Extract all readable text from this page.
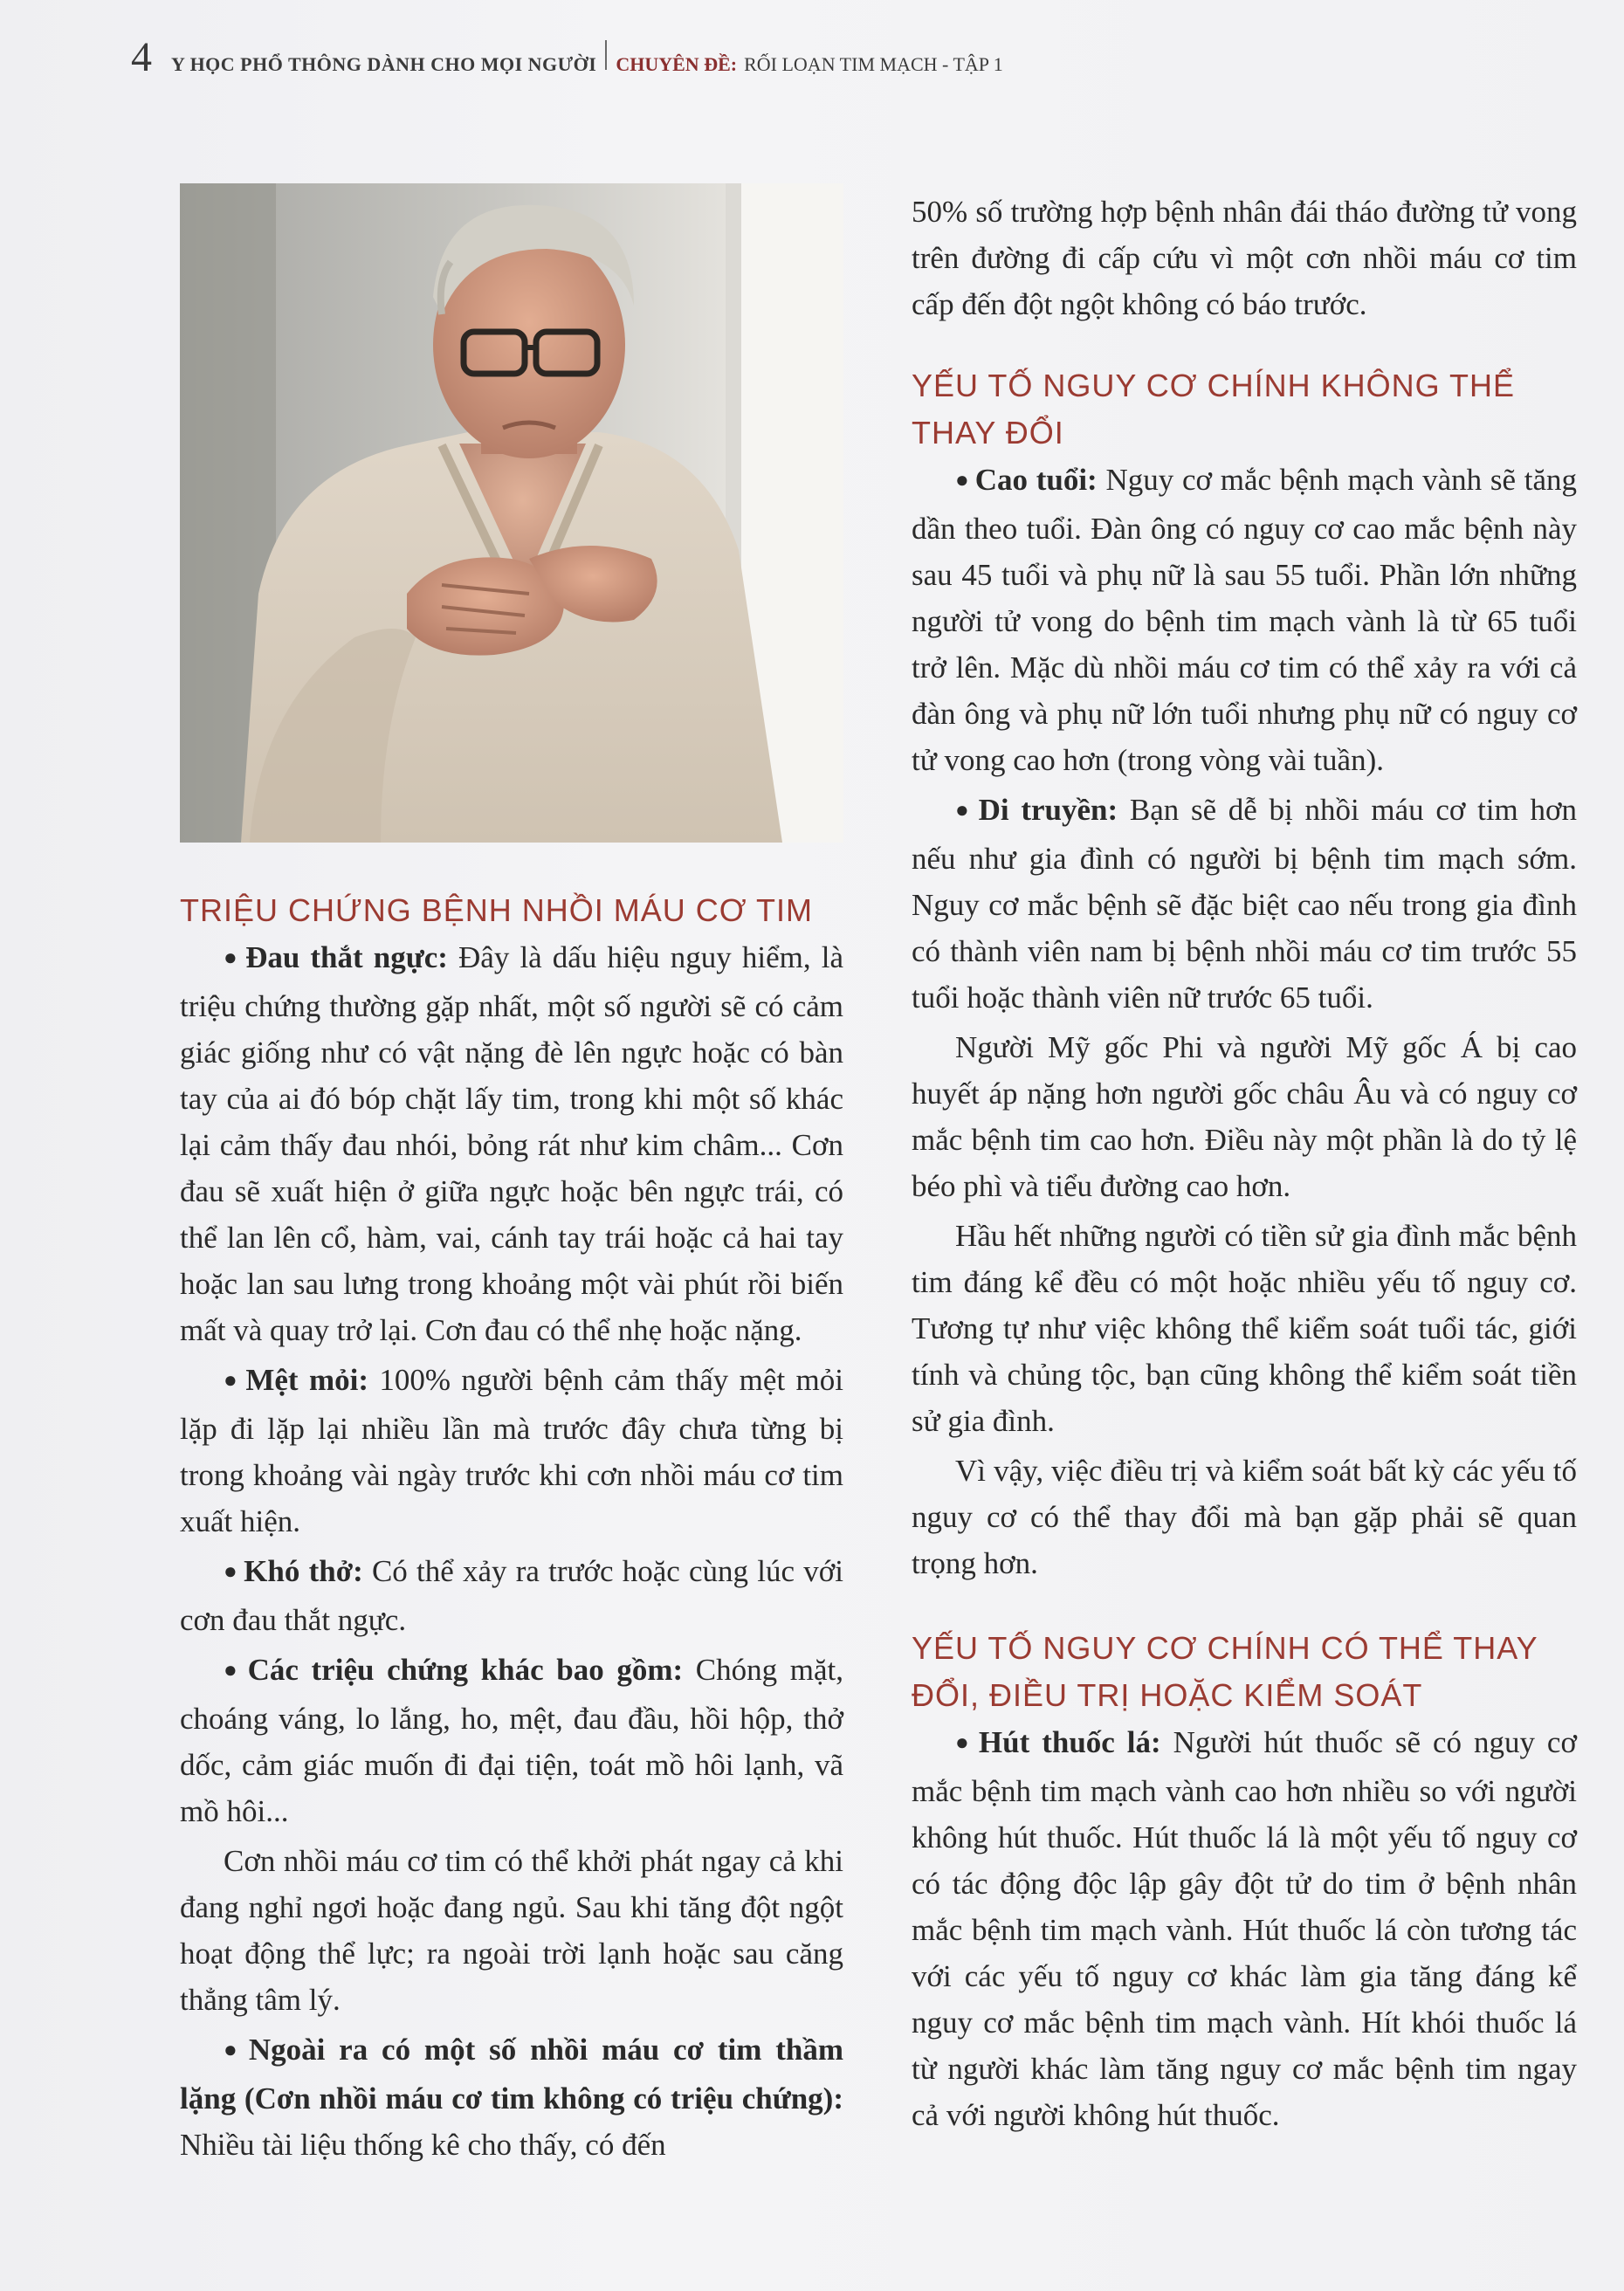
4 Y HỌC PHỔ THÔNG DÀNH CHO MỌI NGƯỜI CHUYÊN ĐỀ: RỐI LOẠN TIM MẠCH - TẬP 1
TRIỆU CHỨNG BỆNH NHỒI MÁU CƠ TIM

● Đau thắt ngực: Đây là dấu hiệu nguy hiểm, là triệu chứng thường gặp nhất, một số người sẽ có cảm giác giống như có vật nặng đè lên ngực hoặc có bàn tay của ai đó bóp chặt lấy tim, trong khi một số khác lại cảm thấy đau nhói, bỏng rát như kim châm... Cơn đau sẽ xuất hiện ở giữa ngực hoặc bên ngực trái, có thể lan lên cổ, hàm, vai, cánh tay trái hoặc cả hai tay hoặc lan sau lưng trong khoảng một vài phút rồi biến mất và quay trở lại. Cơn đau có thể nhẹ hoặc nặng.

● Mệt mỏi: 100% người bệnh cảm thấy mệt mỏi lặp đi lặp lại nhiều lần mà trước đây chưa từng bị trong khoảng vài ngày trước khi cơn nhồi máu cơ tim xuất hiện.

● Khó thở: Có thể xảy ra trước hoặc cùng lúc với cơn đau thắt ngực.

● Các triệu chứng khác bao gồm: Chóng mặt, choáng váng, lo lắng, ho, mệt, đau đầu, hồi hộp, thở dốc, cảm giác muốn đi đại tiện, toát mồ hôi lạnh, vã mồ hôi...

Cơn nhồi máu cơ tim có thể khởi phát ngay cả khi đang nghỉ ngơi hoặc đang ngủ. Sau khi tăng đột ngột hoạt động thể lực; ra ngoài trời lạnh hoặc sau căng thẳng tâm lý.

● Ngoài ra có một số nhồi máu cơ tim thầm lặng (Cơn nhồi máu cơ tim không có triệu chứng): Nhiều tài liệu thống kê cho thấy, có đến

50% số trường hợp bệnh nhân đái tháo đường tử vong trên đường đi cấp cứu vì một cơn nhồi máu cơ tim cấp đến đột ngột không có báo trước.

YẾU TỐ NGUY CƠ CHÍNH KHÔNG THỂ THAY ĐỔI

● Cao tuổi: Nguy cơ mắc bệnh mạch vành sẽ tăng dần theo tuổi. Đàn ông có nguy cơ cao mắc bệnh này sau 45 tuổi và phụ nữ là sau 55 tuổi. Phần lớn những người tử vong do bệnh tim mạch vành là từ 65 tuổi trở lên. Mặc dù nhồi máu cơ tim có thể xảy ra với cả đàn ông và phụ nữ lớn tuổi nhưng phụ nữ có nguy cơ tử vong cao hơn (trong vòng vài tuần).

● Di truyền: Bạn sẽ dễ bị nhồi máu cơ tim hơn nếu như gia đình có người bị bệnh tim mạch sớm. Nguy cơ mắc bệnh sẽ đặc biệt cao nếu trong gia đình có thành viên nam bị bệnh nhồi máu cơ tim trước 55 tuổi hoặc thành viên nữ trước 65 tuổi.

Người Mỹ gốc Phi và người Mỹ gốc Á bị cao huyết áp nặng hơn người gốc châu Âu và có nguy cơ mắc bệnh tim cao hơn. Điều này một phần là do tỷ lệ béo phì và tiểu đường cao hơn.

Hầu hết những người có tiền sử gia đình mắc bệnh tim đáng kể đều có một hoặc nhiều yếu tố nguy cơ. Tương tự như việc không thể kiểm soát tuổi tác, giới tính và chủng tộc, bạn cũng không thể kiểm soát tiền sử gia đình.

Vì vậy, việc điều trị và kiểm soát bất kỳ các yếu tố nguy cơ có thể thay đổi mà bạn gặp phải sẽ quan trọng hơn.

YẾU TỐ NGUY CƠ CHÍNH CÓ THỂ THAY ĐỔI, ĐIỀU TRỊ HOẶC KIỂM SOÁT

● Hút thuốc lá: Người hút thuốc sẽ có nguy cơ mắc bệnh tim mạch vành cao hơn nhiều so với người không hút thuốc. Hút thuốc lá là một yếu tố nguy cơ có tác động độc lập gây đột tử do tim ở bệnh nhân mắc bệnh tim mạch vành. Hút thuốc lá còn tương tác với các yếu tố nguy cơ khác làm gia tăng đáng kể nguy cơ mắc bệnh tim mạch vành. Hít khói thuốc lá từ người khác làm tăng nguy cơ mắc bệnh tim ngay cả với người không hút thuốc.
